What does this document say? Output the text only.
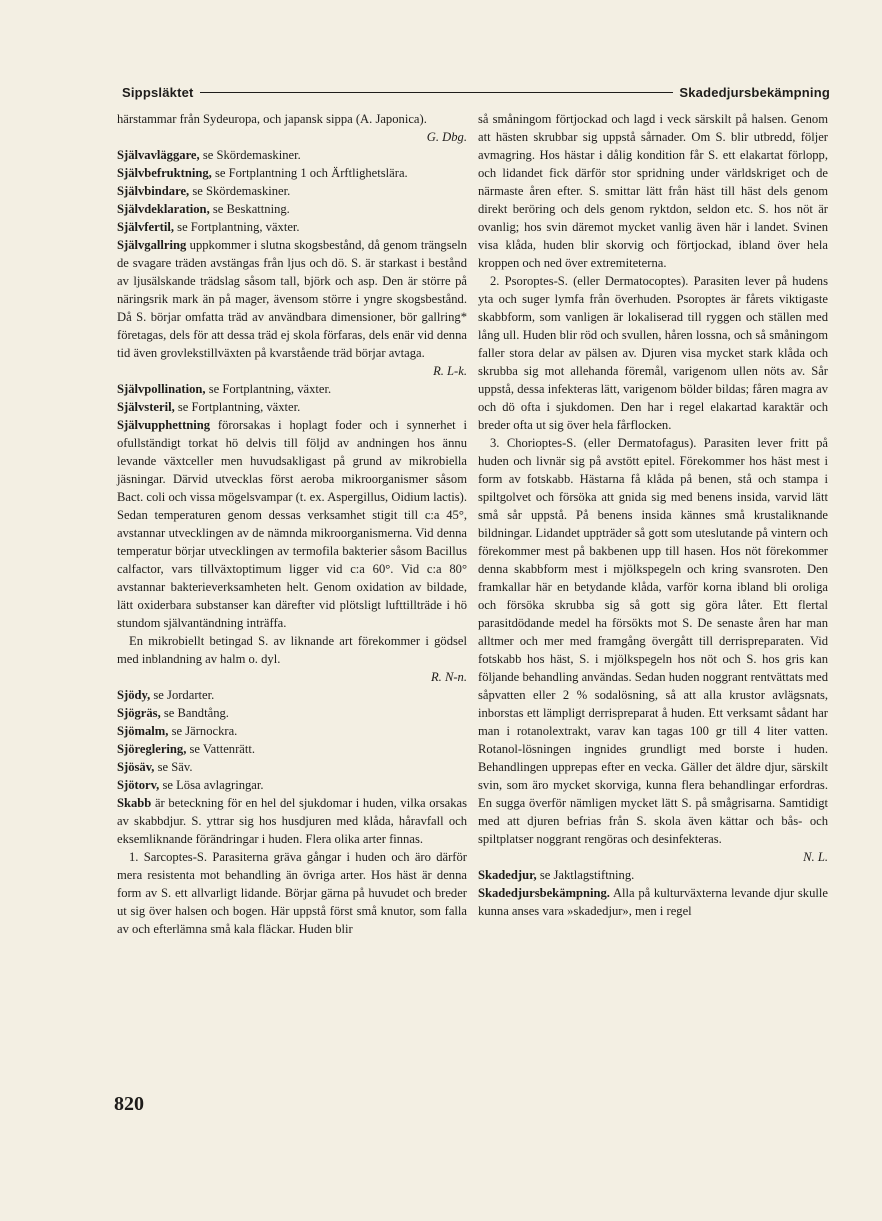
Sippsläktet	Skadedjursbekämpning

härstammar från Sydeuropa, och japansk sippa (A. Japonica).
G. Dbg.

Självavläggare, se Skördemaskiner.

Självbefruktning, se Fortplantning 1 och Ärftlighetslära.

Självbindare, se Skördemaskiner.

Självdeklaration, se Beskattning.

Självfertil, se Fortplantning, växter.

Självgallring uppkommer i slutna skogsbestånd, då genom trängseln de svagare träden avstängas från ljus och dö. S. är starkast i bestånd av ljusälskande trädslag såsom tall, björk och asp. Den är större på näringsrik mark än på mager, ävensom större i yngre skogsbestånd. Då S. börjar omfatta träd av användbara dimensioner, bör gallring* företagas, dels för att dessa träd ej skola förfaras, dels enär vid denna tid även grovlekstillväxten på kvarstående träd börjar avtaga.
R. L-k.

Självpollination, se Fortplantning, växter.

Självsteril, se Fortplantning, växter.

Självupphettning förorsakas i hoplagt foder och i synnerhet i ofullständigt torkat hö delvis till följd av andningen hos ännu levande växtceller men huvudsakligast på grund av mikrobiella jäsningar. Därvid utvecklas först aeroba mikroorganismer såsom Bact. coli och vissa mögelsvampar (t. ex. Aspergillus, Oidium lactis). Sedan temperaturen genom dessas verksamhet stigit till c:a 45°, avstannar utvecklingen av de nämnda mikroorganismerna. Vid denna temperatur börjar utvecklingen av termofila bakterier såsom Bacillus calfactor, vars tillväxtoptimum ligger vid c:a 60°. Vid c:a 80° avstannar bakterieverksamheten helt. Genom oxidation av bildade, lätt oxiderbara substanser kan därefter vid plötsligt lufttillträde i hö stundom självantändning inträffa.

En mikrobiellt betingad S. av liknande art förekommer i gödsel med inblandning av halm o. dyl.
R. N-n.

Sjödy, se Jordarter.

Sjögräs, se Bandtång.

Sjömalm, se Järnockra.

Sjöreglering, se Vattenrätt.

Sjösäv, se Säv.

Sjötorv, se Lösa avlagringar.

Skabb är beteckning för en hel del sjukdomar i huden, vilka orsakas av skabbdjur. S. yttrar sig hos husdjuren med klåda, håravfall och eksemliknande förändringar i huden. Flera olika arter finnas.

1. Sarcoptes-S. Parasiterna gräva gångar i huden och äro därför mera resistenta mot behandling än övriga arter. Hos häst är denna form av S. ett allvarligt lidande. Börjar gärna på huvudet och breder ut sig över halsen och bogen. Här uppstå först små knutor, som falla av och efterlämna små kala fläckar. Huden blir

så småningom förtjockad och lagd i veck särskilt på halsen. Genom att hästen skrubbar sig uppstå sårnader. Om S. blir utbredd, följer avmagring. Hos hästar i dålig kondition får S. ett elakartat förlopp, och lidandet fick därför stor spridning under världskriget och de närmaste åren efter. S. smittar lätt från häst till häst dels genom direkt beröring och dels genom ryktdon, seldon etc. S. hos nöt är ovanlig; hos svin däremot mycket vanlig även här i landet. Svinen visa klåda, huden blir skorvig och förtjockad, ibland över hela kroppen och ned över extremiteterna.

2. Psoroptes-S. (eller Dermatocoptes). Parasiten lever på hudens yta och suger lymfa från överhuden. Psoroptes är fårets viktigaste skabbform, som vanligen är lokaliserad till ryggen och ställen med lång ull. Huden blir röd och svullen, håren lossna, och så småningom faller stora delar av pälsen av. Djuren visa mycket stark klåda och skrubba sig mot allehanda föremål, varigenom ullen nöts av. Sår uppstå, dessa infekteras lätt, varigenom bölder bildas; fåren magra av och dö ofta i sjukdomen. Den har i regel elakartad karaktär och breder ofta ut sig över hela fårflocken.

3. Chorioptes-S. (eller Dermatofagus). Parasiten lever fritt på huden och livnär sig på avstött epitel. Förekommer hos häst mest i form av fotskabb. Hästarna få klåda på benen, stå och stampa i spiltgolvet och försöka att gnida sig med benens insida, varvid lätt små sår uppstå. På benens insida kännes små krustaliknande bildningar. Lidandet uppträder så gott som uteslutande på vintern och förekommer mest på bakbenen upp till hasen. Hos nöt förekommer denna skabbform mest i mjölkspegeln och kring svansroten. Den framkallar här en betydande klåda, varför korna ibland bli oroliga och försöka skrubba sig så gott sig göra låter. Ett flertal parasitdödande medel ha försökts mot S. De senaste åren har man alltmer och mer med framgång övergått till derrispreparaten. Vid fotskabb hos häst, S. i mjölkspegeln hos nöt och S. hos gris kan följande behandling användas. Sedan huden noggrant rentvättats med såpvatten eller 2 % sodalösning, så att alla krustor avlägsnats, inborstas ett lämpligt derrispreparat å huden. Ett verksamt sådant har man i rotanolextrakt, varav kan tagas 100 gr till 4 liter vatten. Rotanol-lösningen ingnides grundligt med borste i huden. Behandlingen upprepas efter en vecka. Gäller det äldre djur, särskilt svin, som äro mycket skorviga, kunna flera behandlingar erfordras. En sugga överför nämligen mycket lätt S. på smågrisarna. Samtidigt med att djuren befrias från S. skola även kättar och bås- och spiltplatser noggrant rengöras och desinfekteras.
N. L.

Skadedjur, se Jaktlagstiftning.

Skadedjursbekämpning. Alla på kulturväxterna levande djur skulle kunna anses vara »skadedjur», men i regel

820
